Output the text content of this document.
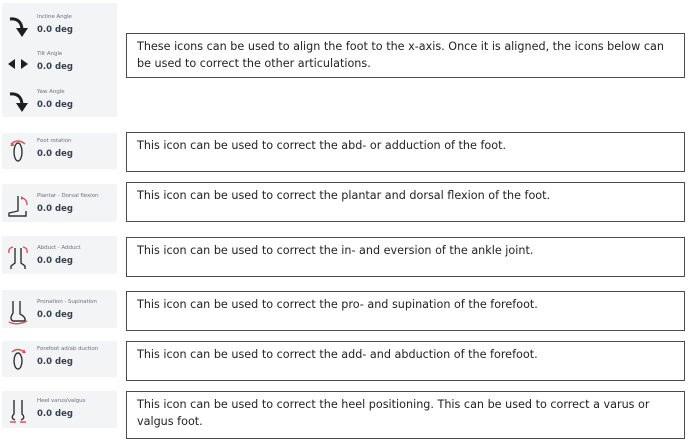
Incline Angle
0.0 deg
Tilt Angle
0.0 deg
Yaw Angle
0.0 deg
Foot rotation
0.0 deg
Plantar - Dorsal flexion
0.0 deg
Abduct - Adduct
0.0 deg
Pronation - Supination
0.0 deg
Forefoot ad/ab duction
0.0 deg
Heel varus/valgus
0.0 deg
These icons can be used to align the foot to the x-axis. Once it is aligned, the icons below can be used to correct the other articulations.
This icon can be used to correct the abd- or adduction of the foot.
This icon can be used to correct the plantar and dorsal flexion of the foot.
This icon can be used to correct the in- and eversion of the ankle joint.
This icon can be used to correct the pro- and supination of the forefoot.
This icon can be used to correct the add- and abduction of the forefoot.
This icon can be used to correct the heel positioning. This can be used to correct a varus or valgus foot.
